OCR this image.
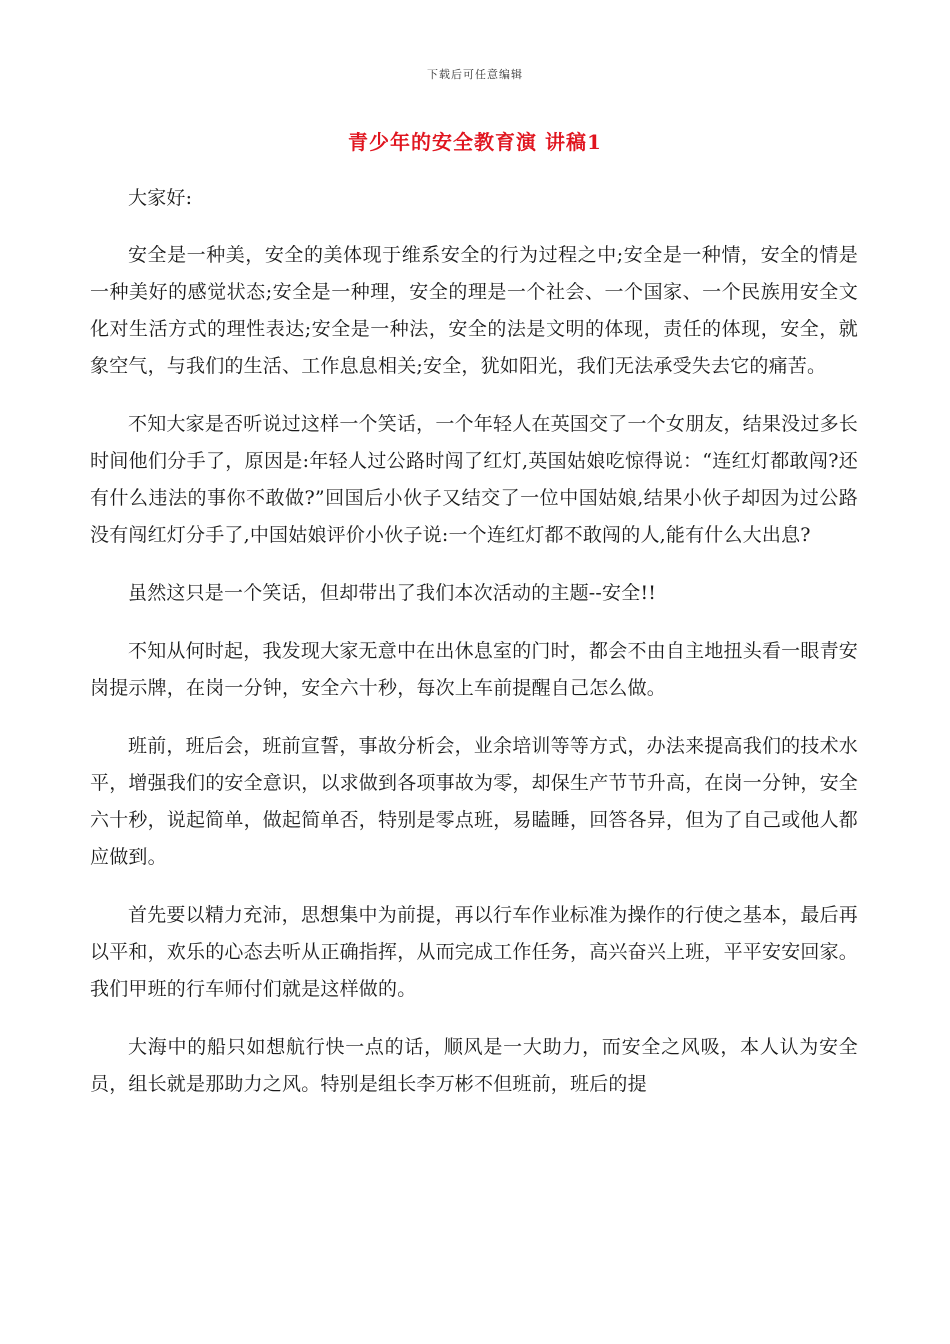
下载后可任意编辑
青少年的安全教育演 讲稿1

大家好:

安全是一种美，安全的美体现于维系安全的行为过程之中;安全是一种情，安全的情是一种美好的感觉状态;安全是一种理，安全的理是一个社会、一个国家、一个民族用安全文化对生活方式的理性表达;安全是一种法，安全的法是文明的体现，责任的体现，安全，就象空气，与我们的生活、工作息息相关;安全，犹如阳光，我们无法承受失去它的痛苦。

不知大家是否听说过这样一个笑话，一个年轻人在英国交了一个女朋友，结果没过多长时间他们分手了，原因是:年轻人过公路时闯了红灯,英国姑娘吃惊得说：“连红灯都敢闯?还有什么违法的事你不敢做?”回国后小伙子又结交了一位中国姑娘,结果小伙子却因为过公路没有闯红灯分手了,中国姑娘评价小伙子说:一个连红灯都不敢闯的人,能有什么大出息?

虽然这只是一个笑话，但却带出了我们本次活动的主题--安全!!

不知从何时起，我发现大家无意中在出休息室的门时，都会不由自主地扭头看一眼青安岗提示牌，在岗一分钟，安全六十秒，每次上车前提醒自己怎么做。

班前，班后会，班前宣誓，事故分析会，业余培训等等方式，办法来提高我们的技术水平，增强我们的安全意识，以求做到各项事故为零，却保生产节节升高，在岗一分钟，安全六十秒，说起简单，做起简单否，特别是零点班，易瞌睡，回答各异，但为了自己或他人都应做到。

首先要以精力充沛，思想集中为前提，再以行车作业标准为操作的行使之基本，最后再以平和，欢乐的心态去听从正确指挥，从而完成工作任务，高兴奋兴上班，平平安安回家。我们甲班的行车师付们就是这样做的。

大海中的船只如想航行快一点的话，顺风是一大助力，而安全之风吸，本人认为安全员，组长就是那助力之风。特别是组长李万彬不但班前，班后的提
